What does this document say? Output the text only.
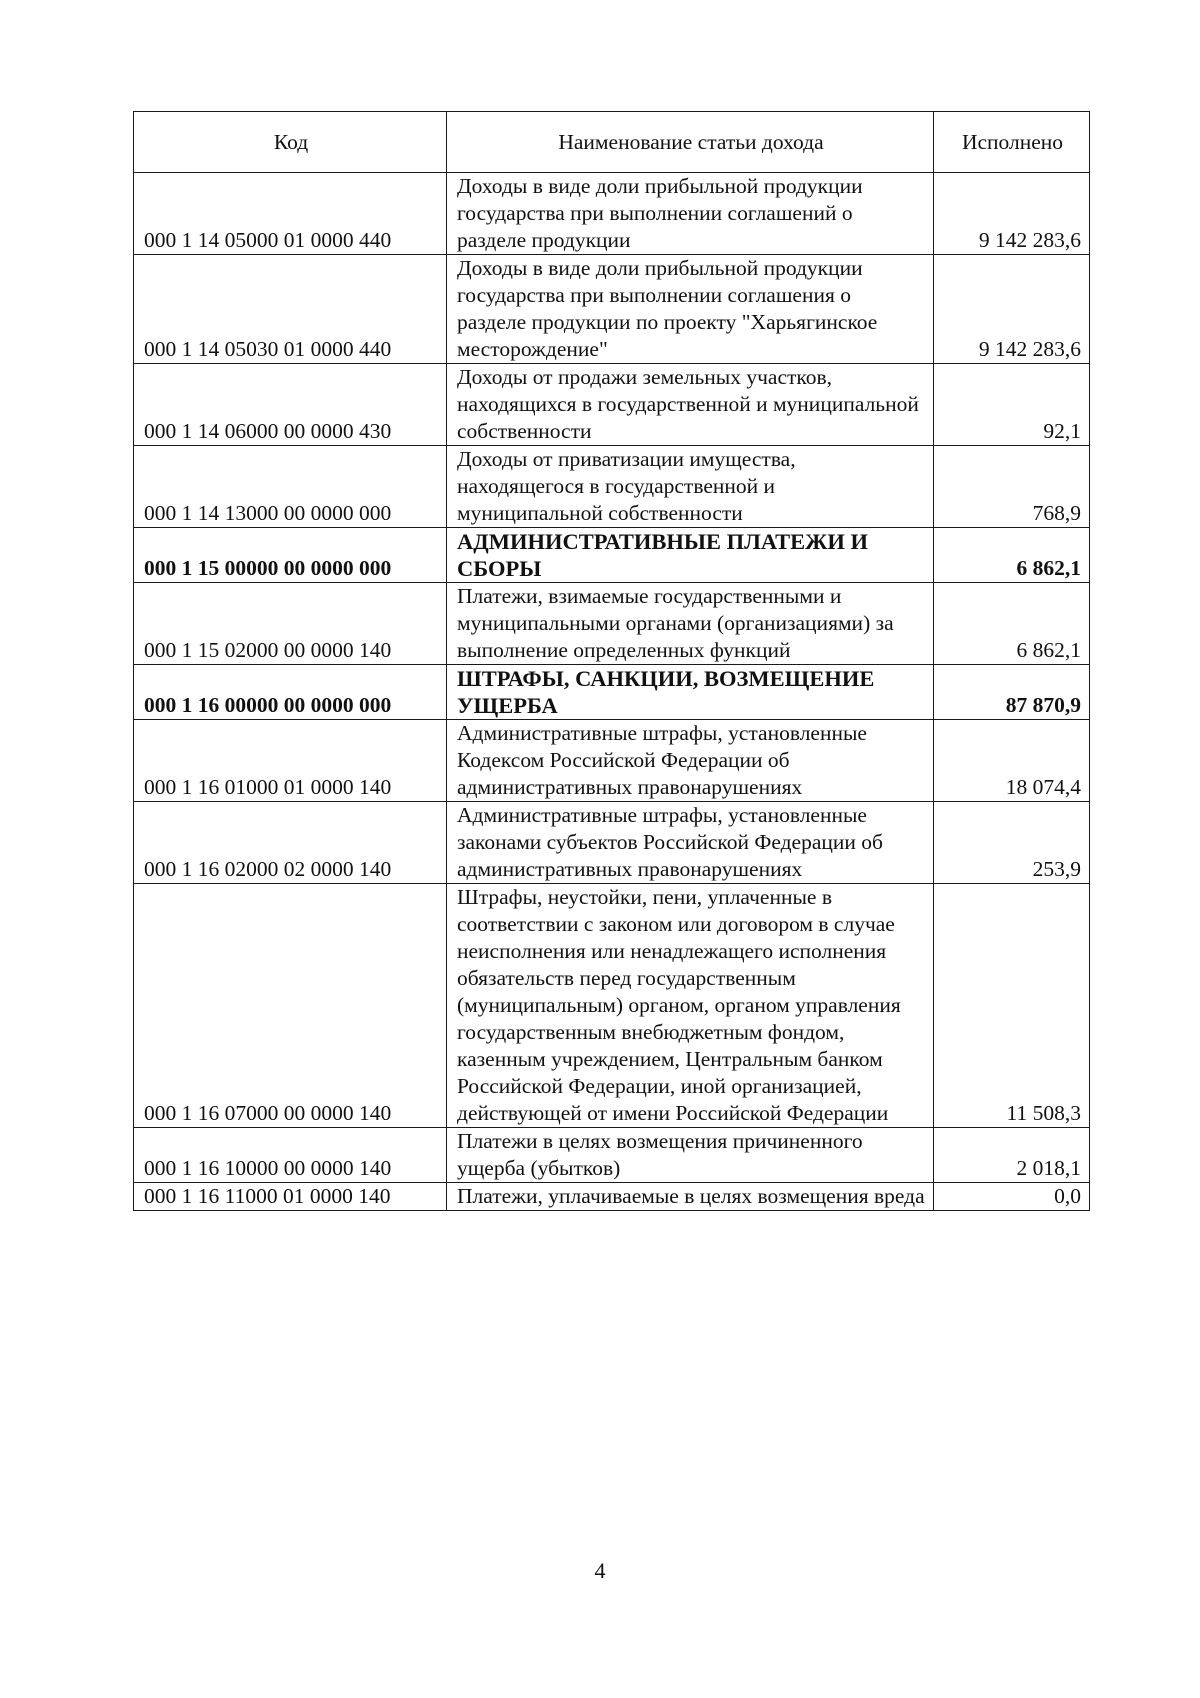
Код	Наименование статьи дохода	Исполнено
000 1 14 05000 01 0000 440	Доходы в виде доли прибыльной продукции государства при выполнении соглашений о разделе продукции	9 142 283,6
000 1 14 05030 01 0000 440	Доходы в виде доли прибыльной продукции государства при выполнении соглашения о разделе продукции по проекту "Харьягинское месторождение"	9 142 283,6
000 1 14 06000 00 0000 430	Доходы от продажи земельных участков, находящихся в государственной и муниципальной собственности	92,1
000 1 14 13000 00 0000 000	Доходы от приватизации имущества, находящегося в государственной и муниципальной собственности	768,9
000 1 15 00000 00 0000 000	АДМИНИСТРАТИВНЫЕ ПЛАТЕЖИ И СБОРЫ	6 862,1
000 1 15 02000 00 0000 140	Платежи, взимаемые государственными и муниципальными органами (организациями) за выполнение определенных функций	6 862,1
000 1 16 00000 00 0000 000	ШТРАФЫ, САНКЦИИ, ВОЗМЕЩЕНИЕ УЩЕРБА	87 870,9
000 1 16 01000 01 0000 140	Административные штрафы, установленные Кодексом Российской Федерации об административных правонарушениях	18 074,4
000 1 16 02000 02 0000 140	Административные штрафы, установленные законами субъектов Российской Федерации об административных правонарушениях	253,9
000 1 16 07000 00 0000 140	Штрафы, неустойки, пени, уплаченные в соответствии с законом или договором в случае неисполнения или ненадлежащего исполнения обязательств перед государственным (муниципальным) органом, органом управления государственным внебюджетным фондом, казенным учреждением, Центральным банком Российской Федерации, иной организацией, действующей от имени Российской Федерации	11 508,3
000 1 16 10000 00 0000 140	Платежи в целях возмещения причиненного ущерба (убытков)	2 018,1
000 1 16 11000 01 0000 140	Платежи, уплачиваемые в целях возмещения вреда	0,0
4
